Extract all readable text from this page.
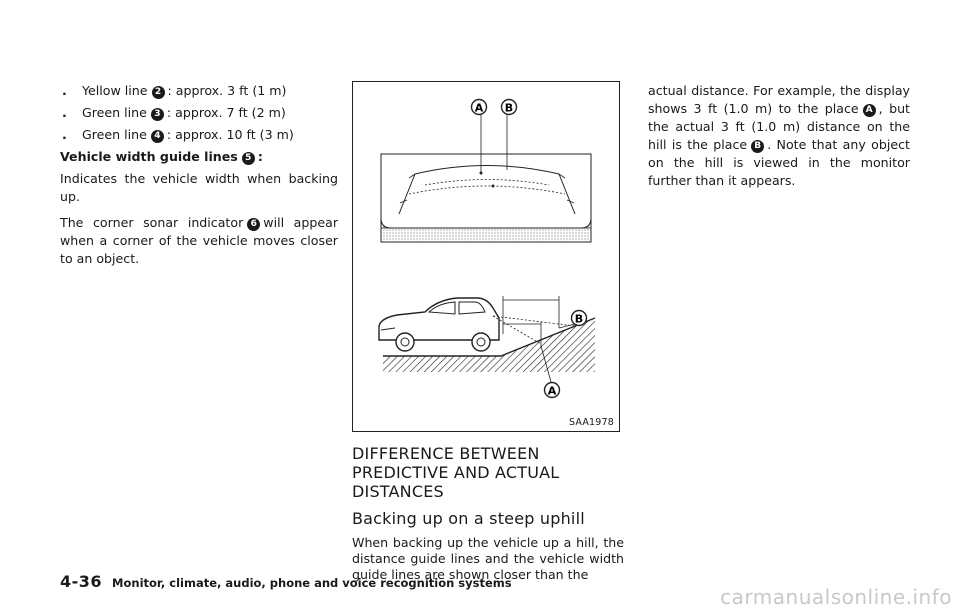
. Yellow line 2 : approx. 3 ft (1 m)
. Green line 3 : approx. 7 ft (2 m)
. Green line 4 : approx. 10 ft (3 m)

Vehicle width guide lines 5 :

Indicates the vehicle width when backing up.

The corner sonar indicator 6 will appear when a corner of the vehicle moves closer to an object.

A B
B
A
SAA1978
DIFFERENCE BETWEEN PREDICTIVE AND ACTUAL DISTANCES
Backing up on a steep uphill

When backing up the vehicle up a hill, the distance guide lines and the vehicle width guide lines are shown closer than the

actual distance. For example, the display shows 3 ft (1.0 m) to the place A , but the actual 3 ft (1.0 m) distance on the hill is the place B . Note that any object on the hill is viewed in the monitor further than it appears.

4-36 Monitor, climate, audio, phone and voice recognition systems
carmanualsonline.info
